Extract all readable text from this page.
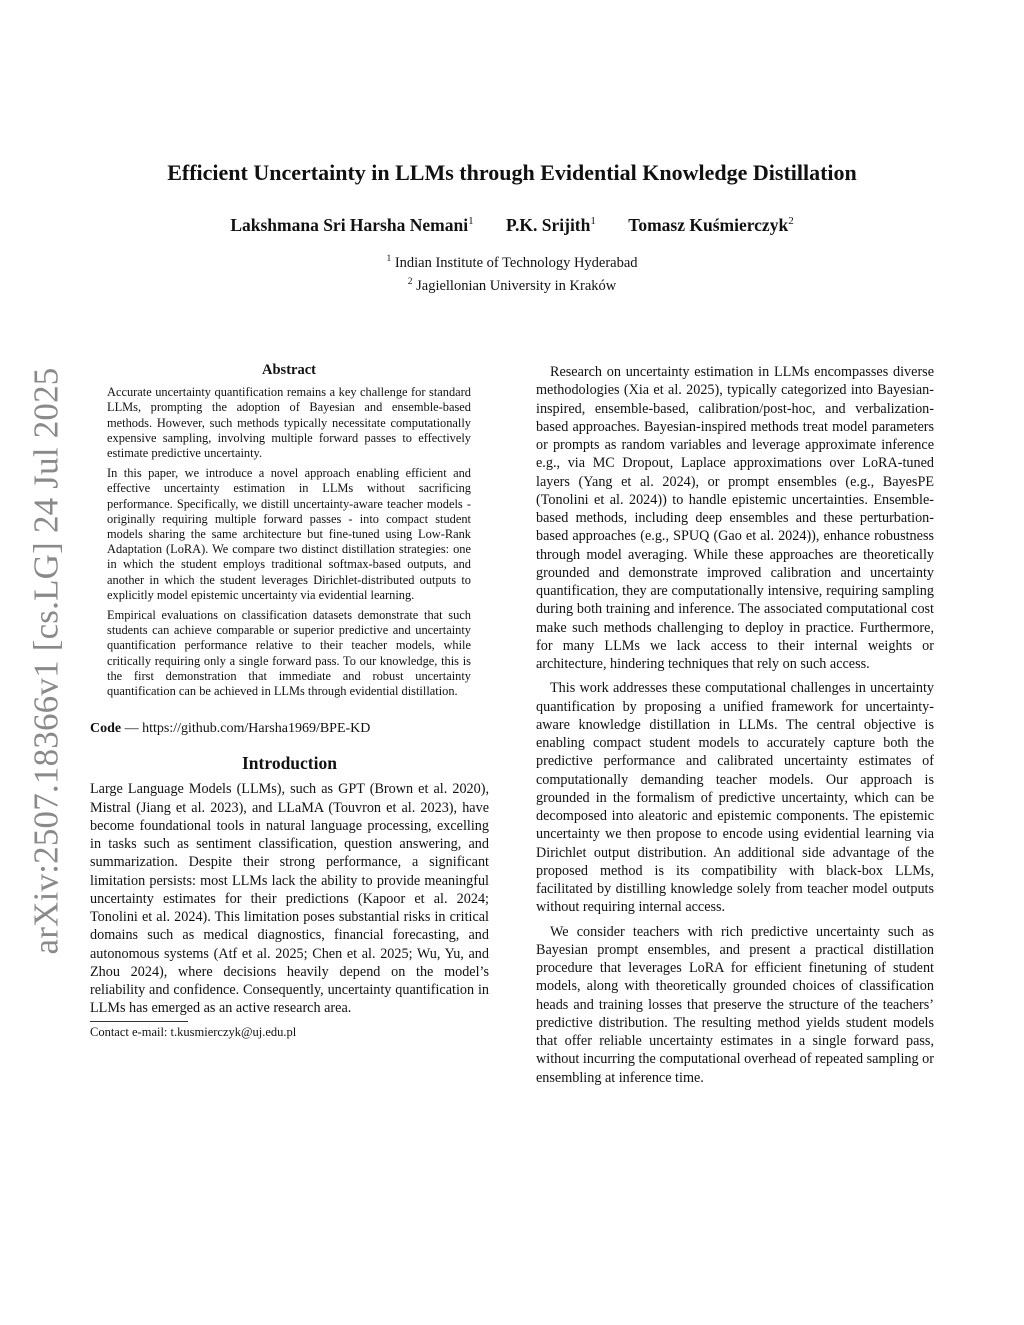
arXiv:2507.18366v1 [cs.LG] 24 Jul 2025
Efficient Uncertainty in LLMs through Evidential Knowledge Distillation
Lakshmana Sri Harsha Nemani$^1$ P.K. Srijith$^1$ Tomasz Kuśmierczyk$^2$
$^1$ Indian Institute of Technology Hyderabad
$^2$ Jagiellonian University in Kraków
Abstract

Accurate uncertainty quantification remains a key challenge for standard LLMs, prompting the adoption of Bayesian and ensemble-based methods. However, such methods typically necessitate computationally expensive sampling, involving multiple forward passes to effectively estimate predictive uncertainty.

In this paper, we introduce a novel approach enabling efficient and effective uncertainty estimation in LLMs without sacrificing performance. Specifically, we distill uncertainty-aware teacher models - originally requiring multiple forward passes - into compact student models sharing the same architecture but fine-tuned using Low-Rank Adaptation (LoRA). We compare two distinct distillation strategies: one in which the student employs traditional softmax-based outputs, and another in which the student leverages Dirichlet-distributed outputs to explicitly model epistemic uncertainty via evidential learning.

Empirical evaluations on classification datasets demonstrate that such students can achieve comparable or superior predictive and uncertainty quantification performance relative to their teacher models, while critically requiring only a single forward pass. To our knowledge, this is the first demonstration that immediate and robust uncertainty quantification can be achieved in LLMs through evidential distillation.

Code — https://github.com/Harsha1969/BPE-KD
Introduction

Large Language Models (LLMs), such as GPT (Brown et al. 2020), Mistral (Jiang et al. 2023), and LLaMA (Touvron et al. 2023), have become foundational tools in natural language processing, excelling in tasks such as sentiment classification, question answering, and summarization. Despite their strong performance, a significant limitation persists: most LLMs lack the ability to provide meaningful uncertainty estimates for their predictions (Kapoor et al. 2024; Tonolini et al. 2024). This limitation poses substantial risks in critical domains such as medical diagnostics, financial forecasting, and autonomous systems (Atf et al. 2025; Chen et al. 2025; Wu, Yu, and Zhou 2024), where decisions heavily depend on the model’s reliability and confidence. Consequently, uncertainty quantification in LLMs has emerged as an active research area.

Contact e-mail: t.kusmierczyk@uj.edu.pl

Research on uncertainty estimation in LLMs encompasses diverse methodologies (Xia et al. 2025), typically categorized into Bayesian-inspired, ensemble-based, calibration/post-hoc, and verbalization-based approaches. Bayesian-inspired methods treat model parameters or prompts as random variables and leverage approximate inference e.g., via MC Dropout, Laplace approximations over LoRA-tuned layers (Yang et al. 2024), or prompt ensembles (e.g., BayesPE (Tonolini et al. 2024)) to handle epistemic uncertainties. Ensemble-based methods, including deep ensembles and these perturbation-based approaches (e.g., SPUQ (Gao et al. 2024)), enhance robustness through model averaging. While these approaches are theoretically grounded and demonstrate improved calibration and uncertainty quantification, they are computationally intensive, requiring sampling during both training and inference. The associated computational cost make such methods challenging to deploy in practice. Furthermore, for many LLMs we lack access to their internal weights or architecture, hindering techniques that rely on such access.

This work addresses these computational challenges in uncertainty quantification by proposing a unified framework for uncertainty-aware knowledge distillation in LLMs. The central objective is enabling compact student models to accurately capture both the predictive performance and calibrated uncertainty estimates of computationally demanding teacher models. Our approach is grounded in the formalism of predictive uncertainty, which can be decomposed into aleatoric and epistemic components. The epistemic uncertainty we then propose to encode using evidential learning via Dirichlet output distribution. An additional side advantage of the proposed method is its compatibility with black-box LLMs, facilitated by distilling knowledge solely from teacher model outputs without requiring internal access.

We consider teachers with rich predictive uncertainty such as Bayesian prompt ensembles, and present a practical distillation procedure that leverages LoRA for efficient finetuning of student models, along with theoretically grounded choices of classification heads and training losses that preserve the structure of the teachers’ predictive distribution. The resulting method yields student models that offer reliable uncertainty estimates in a single forward pass, without incurring the computational overhead of repeated sampling or ensembling at inference time.
